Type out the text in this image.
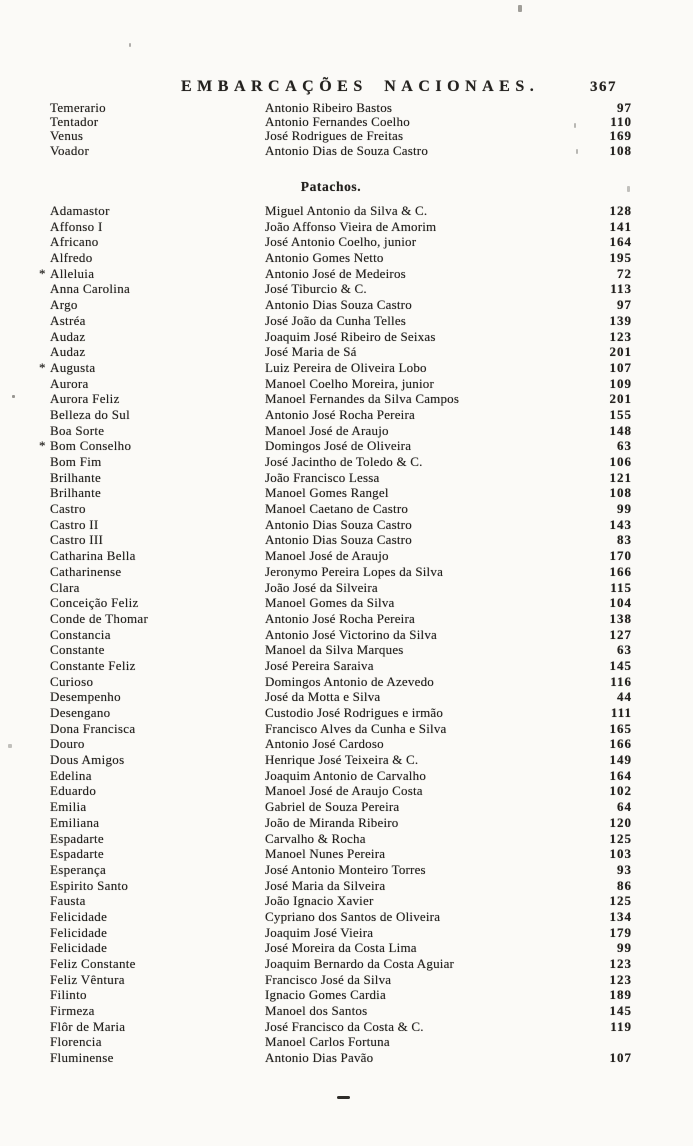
EMBARCAÇÕES NACIONAES.	367
Temerario	Antonio Ribeiro Bastos	97
Tentador	Antonio Fernandes Coelho	110
Venus	José Rodrigues de Freitas	169
Voador	Antonio Dias de Souza Castro	108
Patachos.
Adamastor	Miguel Antonio da Silva & C.	128
Affonso I	João Affonso Vieira de Amorim	141
Africano	José Antonio Coelho, junior	164
Alfredo	Antonio Gomes Netto	195
* Alleluia	Antonio José de Medeiros	72
Anna Carolina	José Tiburcio & C.	113
Argo	Antonio Dias Souza Castro	97
Astréa	José João da Cunha Telles	139
Audaz	Joaquim José Ribeiro de Seixas	123
Audaz	José Maria de Sá	201
* Augusta	Luiz Pereira de Oliveira Lobo	107
Aurora	Manoel Coelho Moreira, junior	109
Aurora Feliz	Manoel Fernandes da Silva Campos	201
Belleza do Sul	Antonio José Rocha Pereira	155
Boa Sorte	Manoel José de Araujo	148
* Bom Conselho	Domingos José de Oliveira	63
Bom Fim	José Jacintho de Toledo & C.	106
Brilhante	João Francisco Lessa	121
Brilhante	Manoel Gomes Rangel	108
Castro	Manoel Caetano de Castro	99
Castro II	Antonio Dias Souza Castro	143
Castro III	Antonio Dias Souza Castro	83
Catharina Bella	Manoel José de Araujo	170
Catharinense	Jeronymo Pereira Lopes da Silva	166
Clara	João José da Silveira	115
Conceição Feliz	Manoel Gomes da Silva	104
Conde de Thomar	Antonio José Rocha Pereira	138
Constancia	Antonio José Victorino da Silva	127
Constante	Manoel da Silva Marques	63
Constante Feliz	José Pereira Saraiva	145
Curioso	Domingos Antonio de Azevedo	116
Desempenho	José da Motta e Silva	44
Desengano	Custodio José Rodrigues e irmão	111
Dona Francisca	Francisco Alves da Cunha e Silva	165
Douro	Antonio José Cardoso	166
Dous Amigos	Henrique José Teixeira & C.	149
Edelina	Joaquim Antonio de Carvalho	164
Eduardo	Manoel José de Araujo Costa	102
Emilia	Gabriel de Souza Pereira	64
Emiliana	João de Miranda Ribeiro	120
Espadarte	Carvalho & Rocha	125
Espadarte	Manoel Nunes Pereira	103
Esperança	José Antonio Monteiro Torres	93
Espirito Santo	José Maria da Silveira	86
Fausta	João Ignacio Xavier	125
Felicidade	Cypriano dos Santos de Oliveira	134
Felicidade	Joaquim José Vieira	179
Felicidade	José Moreira da Costa Lima	99
Feliz Constante	Joaquim Bernardo da Costa Aguiar	123
Feliz Vêntura	Francisco José da Silva	123
Filinto	Ignacio Gomes Cardia	189
Firmeza	Manoel dos Santos	145
Flôr de Maria	José Francisco da Costa & C.	119
Florencia	Manoel Carlos Fortuna
Fluminense	Antonio Dias Pavão	107
